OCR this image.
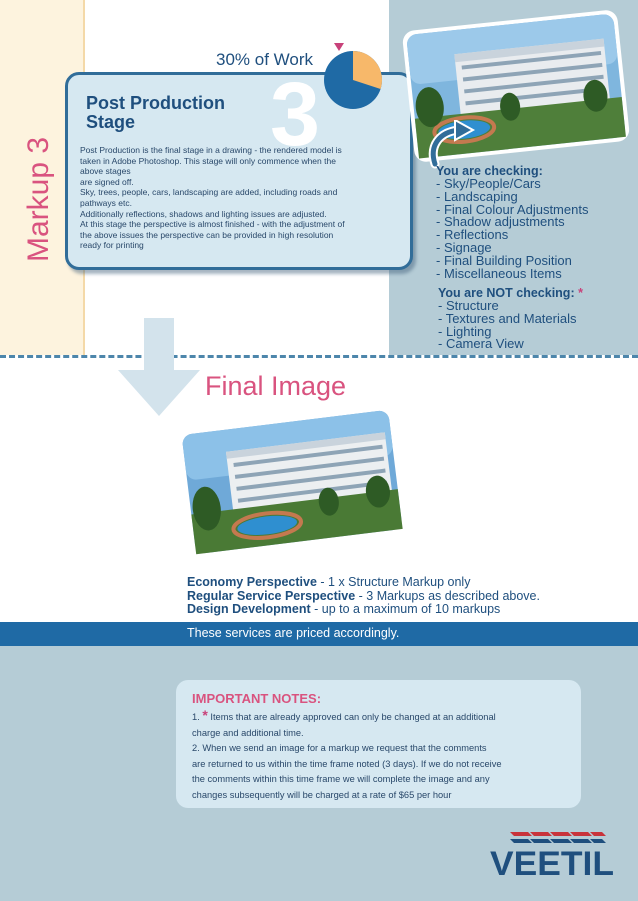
Markup 3 3
30% of Work
Post Production
Stage
Post Production is the final stage in a drawing - the rendered model is
taken in Adobe Photoshop. This stage will only commence when the
above stages
are signed off.
Sky, trees, people, cars, landscaping are added, including roads and
pathways etc.
Additionally reflections, shadows and lighting issues are adjusted.
At this stage the perspective is almost finished - with the adjustment of
the above issues the perspective can be provided in high resolution
ready for printing
You are checking:
- Sky/People/Cars
- Landscaping
- Final Colour Adjustments
- Shadow adjustments
- Reflections
- Signage
- Final Building Position
- Miscellaneous Items
You are NOT checking: *
- Structure
- Textures and Materials
- Lighting
- Camera View
Final Image
Economy Perspective - 1 x Structure Markup only
Regular Service Perspective - 3 Markups as described above.
Design Development - up to a maximum of 10 markups
These services are priced accordingly.
IMPORTANT NOTES:
1. * Items that are already approved can only be changed at an additional
charge and additional time.
2. When we send an image for a markup we request that the comments
are returned to us within the time frame noted (3 days). If we do not receive
the comments within this time frame we will complete the image and any
changes subsequently will be charged at a rate of $65 per hour
VEETIL
